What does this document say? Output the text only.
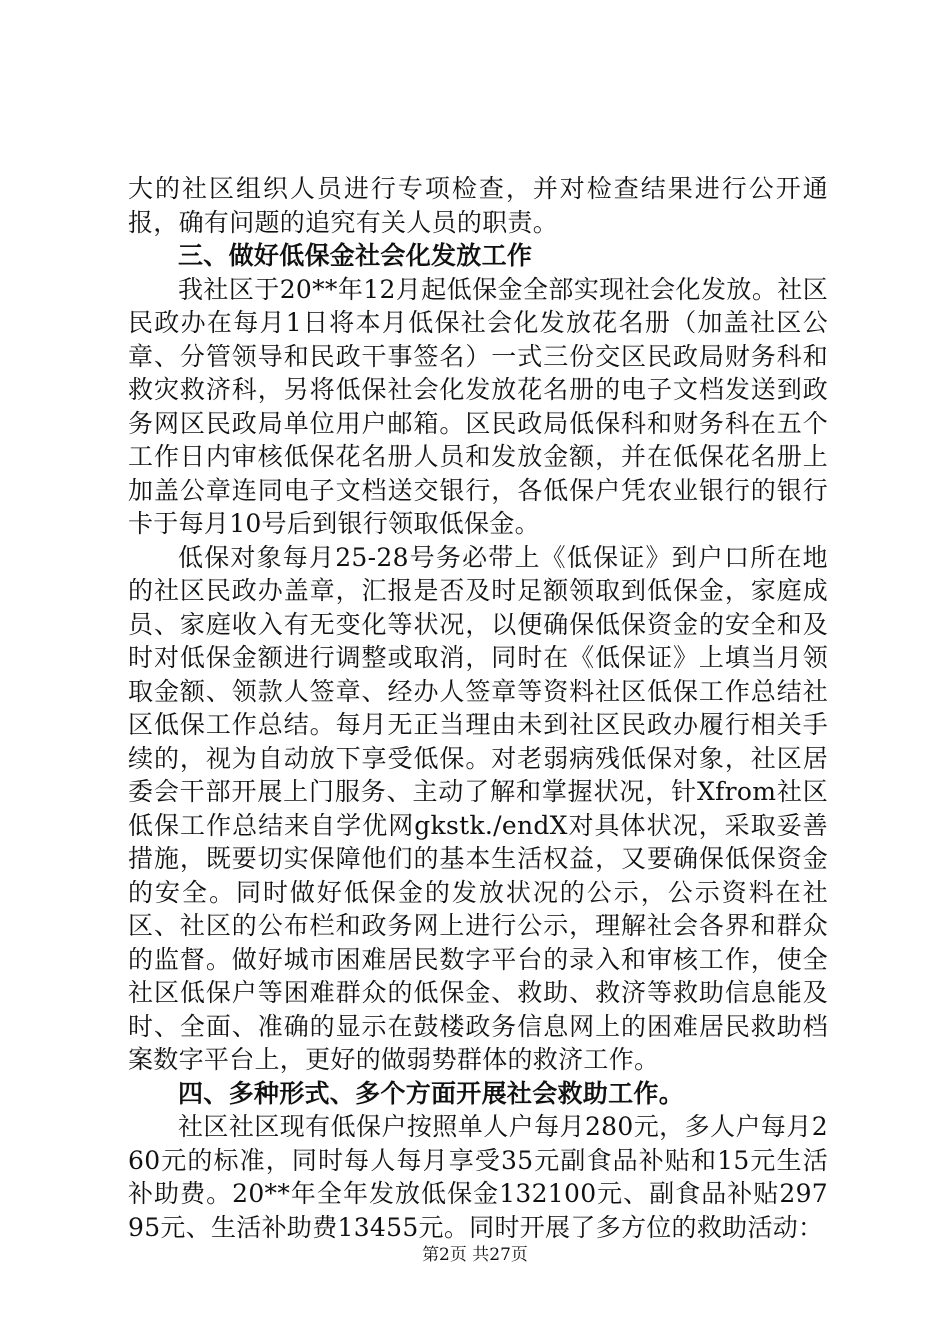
大的社区组织人员进行专项检查，并对检查结果进行公开通报，确有问题的追究有关人员的职责。

三、做好低保金社会化发放工作

我社区于20**年12月起低保金全部实现社会化发放。社区民政办在每月1日将本月低保社会化发放花名册（加盖社区公章、分管领导和民政干事签名）一式三份交区民政局财务科和救灾救济科，另将低保社会化发放花名册的电子文档发送到政务网区民政局单位用户邮箱。区民政局低保科和财务科在五个工作日内审核低保花名册人员和发放金额，并在低保花名册上加盖公章连同电子文档送交银行，各低保户凭农业银行的银行卡于每月10号后到银行领取低保金。

低保对象每月25-28号务必带上《低保证》到户口所在地的社区民政办盖章，汇报是否及时足额领取到低保金，家庭成员、家庭收入有无变化等状况，以便确保低保资金的安全和及时对低保金额进行调整或取消，同时在《低保证》上填当月领取金额、领款人签章、经办人签章等资料社区低保工作总结社区低保工作总结。每月无正当理由未到社区民政办履行相关手续的，视为自动放下享受低保。对老弱病残低保对象，社区居委会干部开展上门服务、主动了解和掌握状况，针Xfrom社区低保工作总结来自学优网gkstk./endX对具体状况，采取妥善措施，既要切实保障他们的基本生活权益，又要确保低保资金的安全。同时做好低保金的发放状况的公示，公示资料在社区、社区的公布栏和政务网上进行公示，理解社会各界和群众的监督。做好城市困难居民数字平台的录入和审核工作，使全社区低保户等困难群众的低保金、救助、救济等救助信息能及时、全面、准确的显示在鼓楼政务信息网上的困难居民救助档案数字平台上，更好的做弱势群体的救济工作。

四、多种形式、多个方面开展社会救助工作。

社区社区现有低保户按照单人户每月280元，多人户每月260元的标准，同时每人每月享受35元副食品补贴和15元生活补助费。20**年全年发放低保金132100元、副食品补贴29795元、生活补助费13455元。同时开展了多方位的救助活动：

第2页 共27页
